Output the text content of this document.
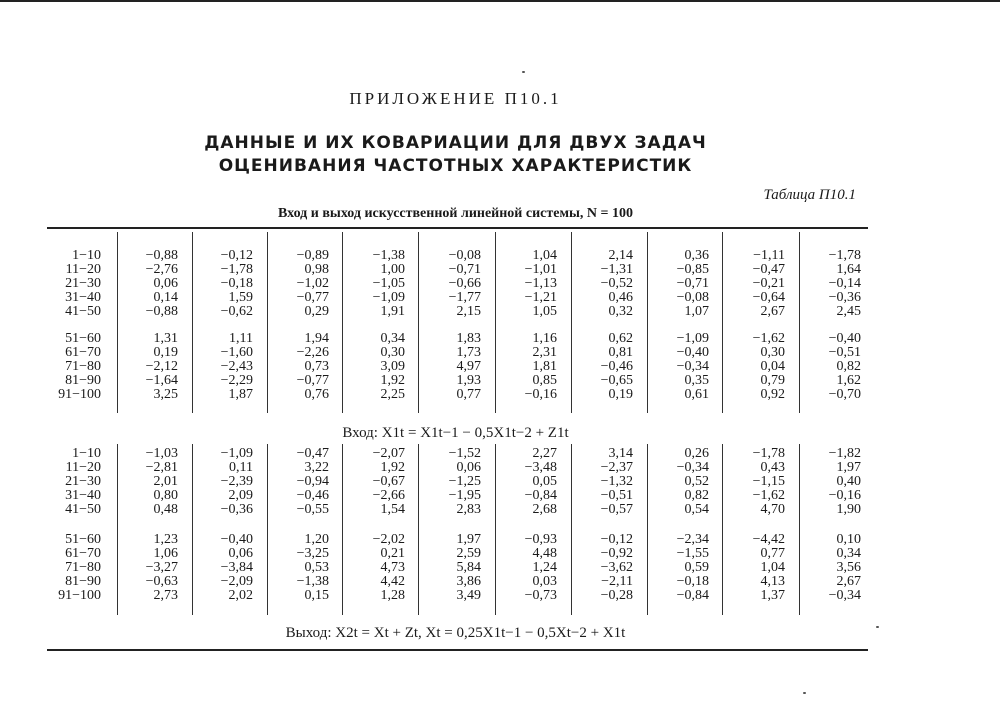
ПРИЛОЖЕНИЕ П10.1
ДАННЫЕ И ИХ КОВАРИАЦИИ ДЛЯ ДВУХ ЗАДАЧ
ОЦЕНИВАНИЯ ЧАСТОТНЫХ ХАРАКТЕРИСТИК
Таблица П10.1
Вход и выход искусственной линейной системы, N = 100
1−10	−0,88	−0,12	−0,89	−1,38	−0,08	1,04	2,14	0,36	−1,11	−1,78
11−20	−2,76	−1,78	0,98	1,00	−0,71	−1,01	−1,31	−0,85	−0,47	1,64
21−30	0,06	−0,18	−1,02	−1,05	−0,66	−1,13	−0,52	−0,71	−0,21	−0,14
31−40	0,14	1,59	−0,77	−1,09	−1,77	−1,21	0,46	−0,08	−0,64	−0,36
41−50	−0,88	−0,62	0,29	1,91	2,15	1,05	0,32	1,07	2,67	2,45
51−60	1,31	1,11	1,94	0,34	1,83	1,16	0,62	−1,09	−1,62	−0,40
61−70	0,19	−1,60	−2,26	0,30	1,73	2,31	0,81	−0,40	0,30	−0,51
71−80	−2,12	−2,43	0,73	3,09	4,97	1,81	−0,46	−0,34	0,04	0,82
81−90	−1,64	−2,29	−0,77	1,92	1,93	0,85	−0,65	0,35	0,79	1,62
91−100	3,25	1,87	0,76	2,25	0,77	−0,16	0,19	0,61	0,92	−0,70
Вход: X1t = X1t−1 − 0,5X1t−2 + Z1t
1−10	−1,03	−1,09	−0,47	−2,07	−1,52	2,27	3,14	0,26	−1,78	−1,82
11−20	−2,81	0,11	3,22	1,92	0,06	−3,48	−2,37	−0,34	0,43	1,97
21−30	2,01	−2,39	−0,94	−0,67	−1,25	0,05	−1,32	0,52	−1,15	0,40
31−40	0,80	2,09	−0,46	−2,66	−1,95	−0,84	−0,51	0,82	−1,62	−0,16
41−50	0,48	−0,36	−0,55	1,54	2,83	2,68	−0,57	0,54	4,70	1,90
51−60	1,23	−0,40	1,20	−2,02	1,97	−0,93	−0,12	−2,34	−4,42	0,10
61−70	1,06	0,06	−3,25	0,21	2,59	4,48	−0,92	−1,55	0,77	0,34
71−80	−3,27	−3,84	0,53	4,73	5,84	1,24	−3,62	0,59	1,04	3,56
81−90	−0,63	−2,09	−1,38	4,42	3,86	0,03	−2,11	−0,18	4,13	2,67
91−100	2,73	2,02	0,15	1,28	3,49	−0,73	−0,28	−0,84	1,37	−0,34
Выход: X2t = Xt + Zt, Xt = 0,25X1t−1 − 0,5Xt−2 + X1t
